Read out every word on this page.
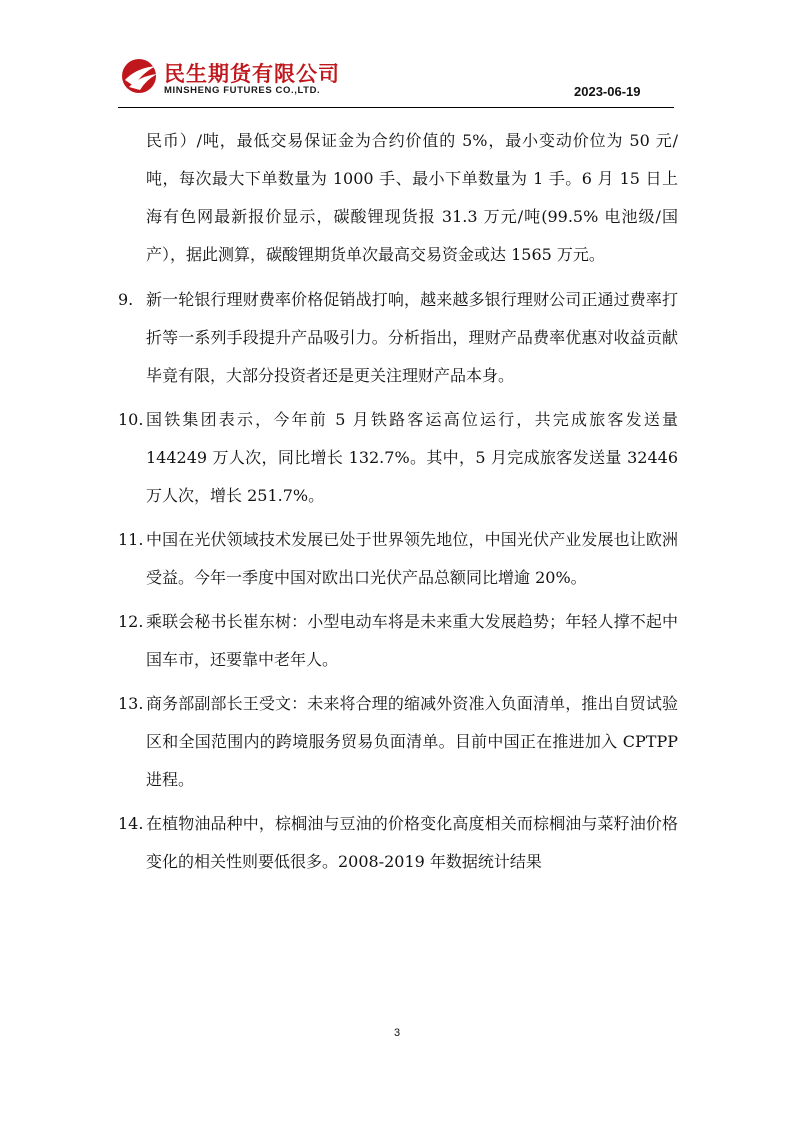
民生期货有限公司
MINSHENG FUTURES CO.,LTD.	2023-06-19

民币）/吨，最低交易保证金为合约价值的 5%，最小变动价位为 50 元/吨，每次最大下单数量为 1000 手、最小下单数量为 1 手。6 月 15 日上海有色网最新报价显示，碳酸锂现货报 31.3 万元/吨(99.5% 电池级/国产），据此测算，碳酸锂期货单次最高交易资金或达 1565 万元。

9. 新一轮银行理财费率价格促销战打响，越来越多银行理财公司正通过费率打折等一系列手段提升产品吸引力。分析指出，理财产品费率优惠对收益贡献毕竟有限，大部分投资者还是更关注理财产品本身。
10. 国铁集团表示，今年前 5 月铁路客运高位运行，共完成旅客发送量 144249 万人次，同比增长 132.7%。其中，5 月完成旅客发送量 32446 万人次，增长 251.7%。
11. 中国在光伏领域技术发展已处于世界领先地位，中国光伏产业发展也让欧洲受益。今年一季度中国对欧出口光伏产品总额同比增逾 20%。
12. 乘联会秘书长崔东树：小型电动车将是未来重大发展趋势；年轻人撑不起中国车市，还要靠中老年人。
13. 商务部副部长王受文：未来将合理的缩减外资准入负面清单，推出自贸试验区和全国范围内的跨境服务贸易负面清单。目前中国正在推进加入 CPTPP 进程。
14. 在植物油品种中，棕榈油与豆油的价格变化高度相关而棕榈油与菜籽油价格变化的相关性则要低很多。2008-2019 年数据统计结果
3
